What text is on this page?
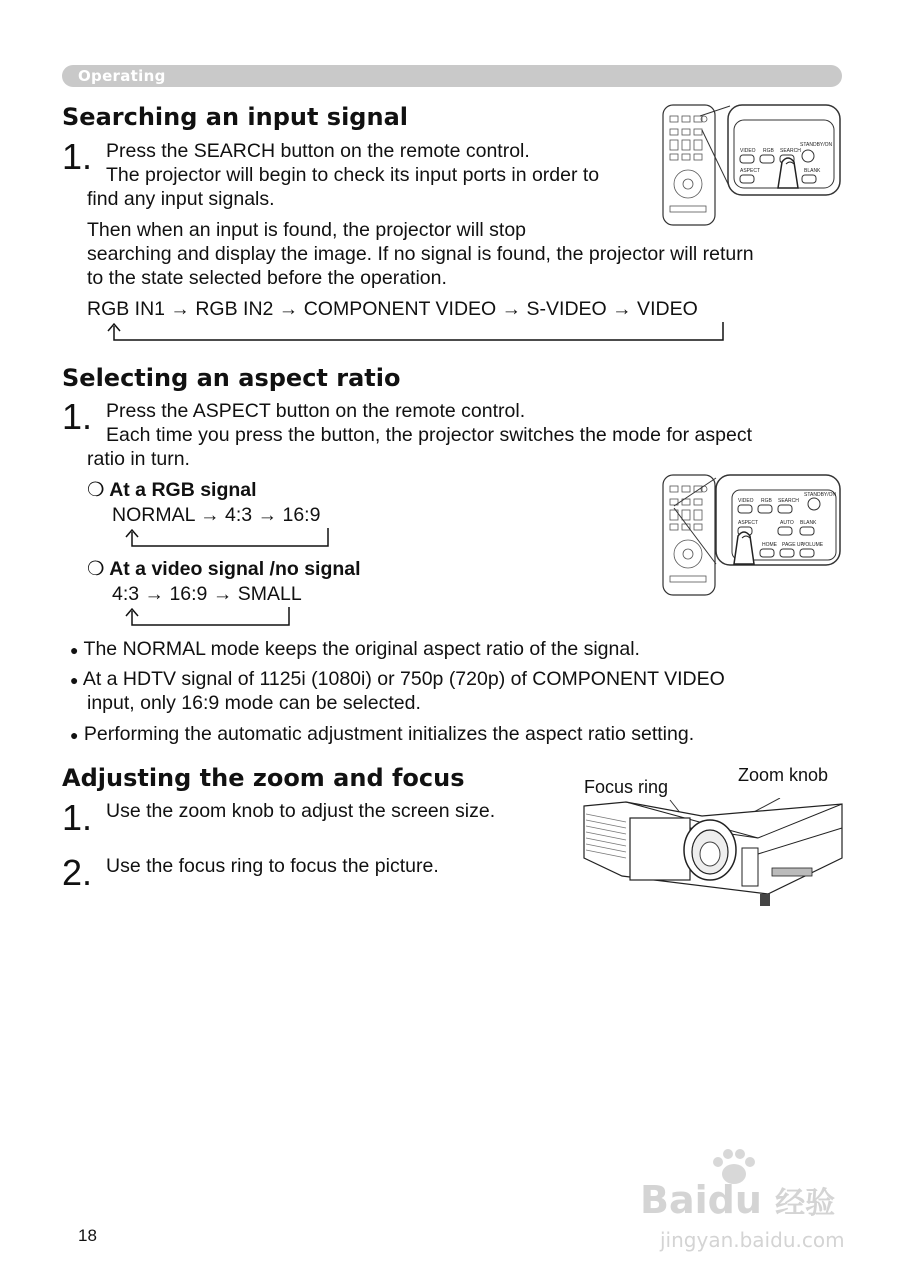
Operating
Searching an input signal
1. Press the SEARCH button on the remote control.
The projector will begin to check its input ports in order to
find any input signals.
Then when an input is found, the projector will stop
searching and display the image. If no signal is found, the projector will return
to the state selected before the operation.
RGB IN1 → RGB IN2 → COMPONENT VIDEO → S-VIDEO → VIDEO
VIDEO RGB SEARCH
STANDBY/ON
ASPECT	BLANK
Selecting an aspect ratio
1. Press the ASPECT button on the remote control.
Each time you press the button, the projector switches the mode for aspect
ratio in turn.
❍ At a RGB signal
NORMAL → 4:3 → 16:9
❍ At a video signal /no signal
4:3 → 16:9 → SMALL
VIDEO RGB SEARCH
STANDBY/ON
ASPECT	AUTO BLANK
HOME PAGE UP
VOLUME
● The NORMAL mode keeps the original aspect ratio of the signal.
● At a HDTV signal of 1125i (1080i) or 750p (720p) of COMPONENT VIDEO
input, only 16:9 mode can be selected.
● Performing the automatic adjustment initializes the aspect ratio setting.
Adjusting the zoom and focus
1. Use the zoom knob to adjust the screen size.
2. Use the focus ring to focus the picture.
Focus ring
Zoom knob
18
Baidu 经验
jingyan.baidu.com
